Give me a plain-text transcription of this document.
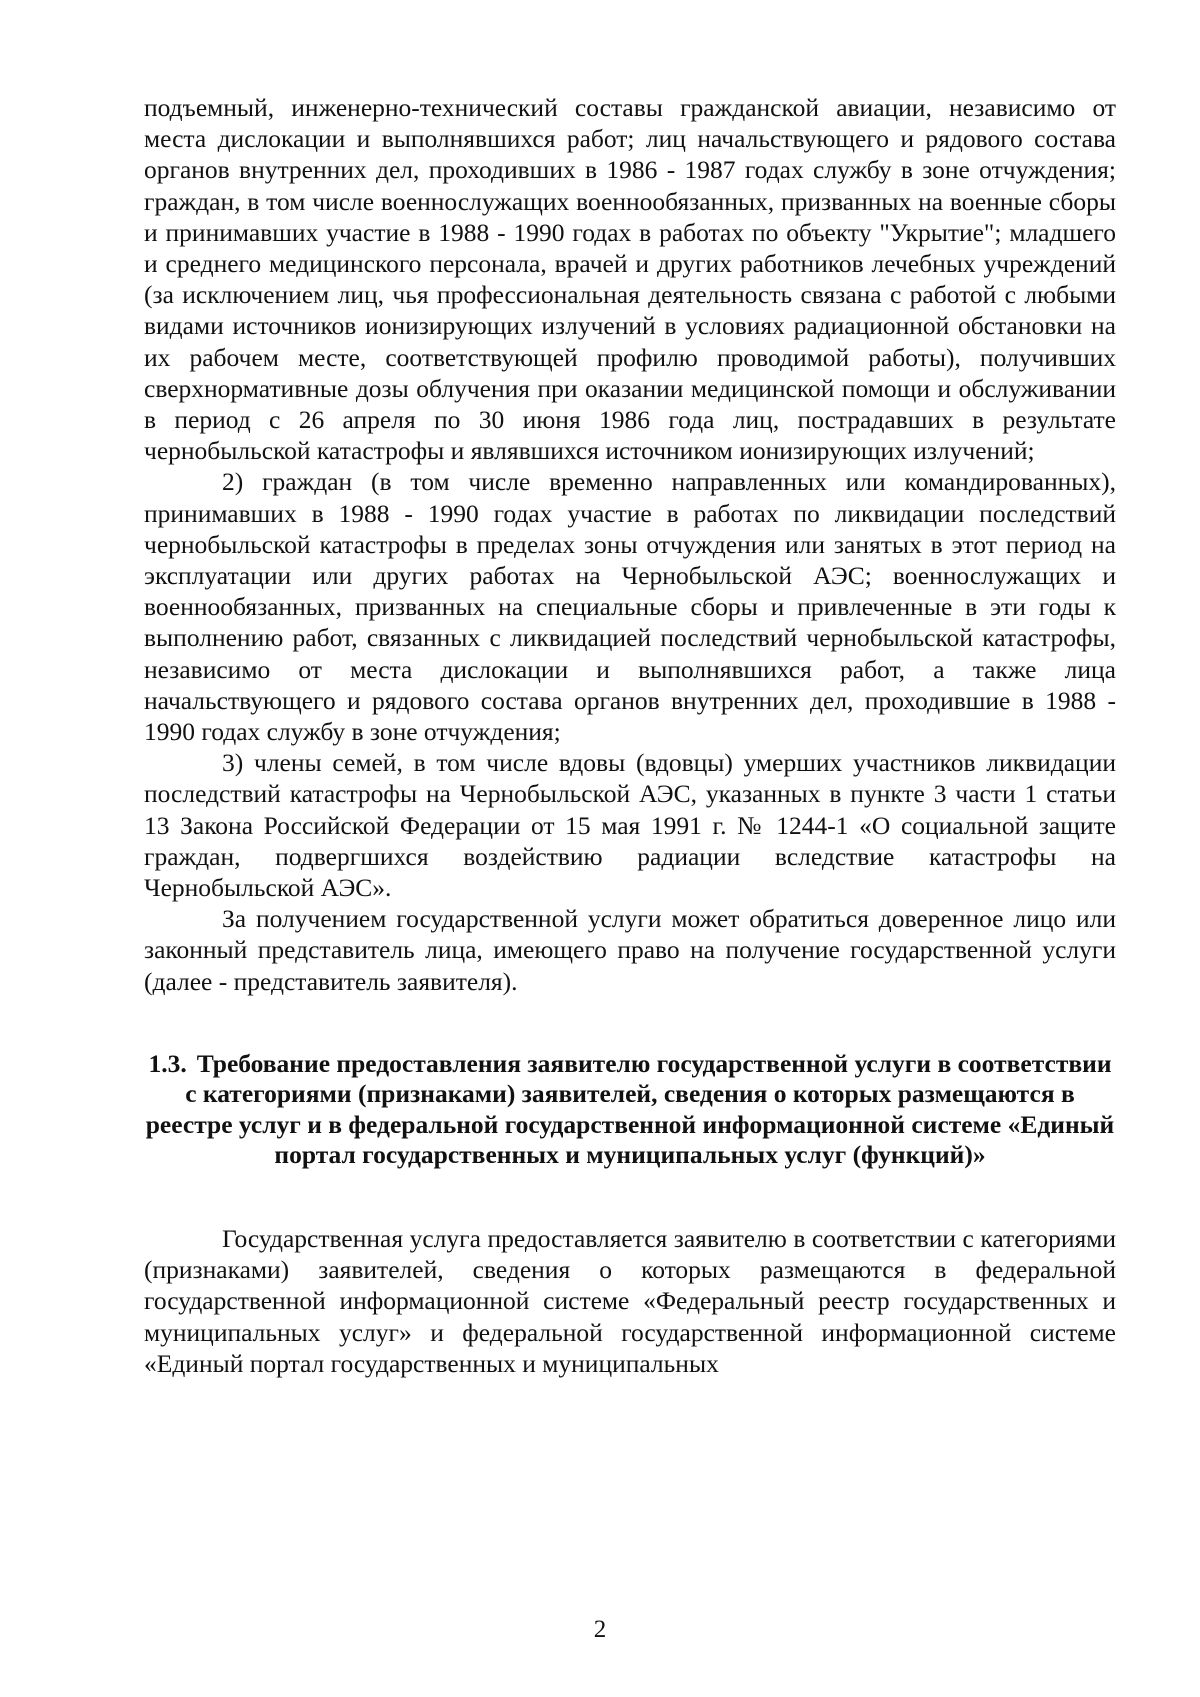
подъемный, инженерно-технический составы гражданской авиации, независимо от места дислокации и выполнявшихся работ; лиц начальствующего и рядового состава органов внутренних дел, проходивших в 1986 - 1987 годах службу в зоне отчуждения; граждан, в том числе военнослужащих военнообязанных, призванных на военные сборы и принимавших участие в 1988 - 1990 годах в работах по объекту "Укрытие"; младшего и среднего медицинского персонала, врачей и других работников лечебных учреждений (за исключением лиц, чья профессиональная деятельность связана с работой с любыми видами источников ионизирующих излучений в условиях радиационной обстановки на их рабочем месте, соответствующей профилю проводимой работы), получивших сверхнормативные дозы облучения при оказании медицинской помощи и обслуживании в период с 26 апреля по 30 июня 1986 года лиц, пострадавших в результате чернобыльской катастрофы и являвшихся источником ионизирующих излучений;

2) граждан (в том числе временно направленных или командированных), принимавших в 1988 - 1990 годах участие в работах по ликвидации последствий чернобыльской катастрофы в пределах зоны отчуждения или занятых в этот период на эксплуатации или других работах на Чернобыльской АЭС; военнослужащих и военнообязанных, призванных на специальные сборы и привлеченные в эти годы к выполнению работ, связанных с ликвидацией последствий чернобыльской катастрофы, независимо от места дислокации и выполнявшихся работ, а также лица начальствующего и рядового состава органов внутренних дел, проходившие в 1988 - 1990 годах службу в зоне отчуждения;

3) члены семей, в том числе вдовы (вдовцы) умерших участников ликвидации последствий катастрофы на Чернобыльской АЭС, указанных в пункте 3 части 1 статьи 13 Закона Российской Федерации от 15 мая 1991 г. № 1244-1 «О социальной защите граждан, подвергшихся воздействию радиации вследствие катастрофы на Чернобыльской АЭС».

За получением государственной услуги может обратиться доверенное лицо или законный представитель лица, имеющего право на получение государственной услуги (далее - представитель заявителя).

1.3. Требование предоставления заявителю государственной услуги в соответствии с категориями (признаками) заявителей, сведения о которых размещаются в реестре услуг и в федеральной государственной информационной системе «Единый портал государственных и муниципальных услуг (функций)»

Государственная услуга предоставляется заявителю в соответствии с категориями (признаками) заявителей, сведения о которых размещаются в федеральной государственной информационной системе «Федеральный реестр государственных и муниципальных услуг» и федеральной государственной информационной системе «Единый портал государственных и муниципальных

2
